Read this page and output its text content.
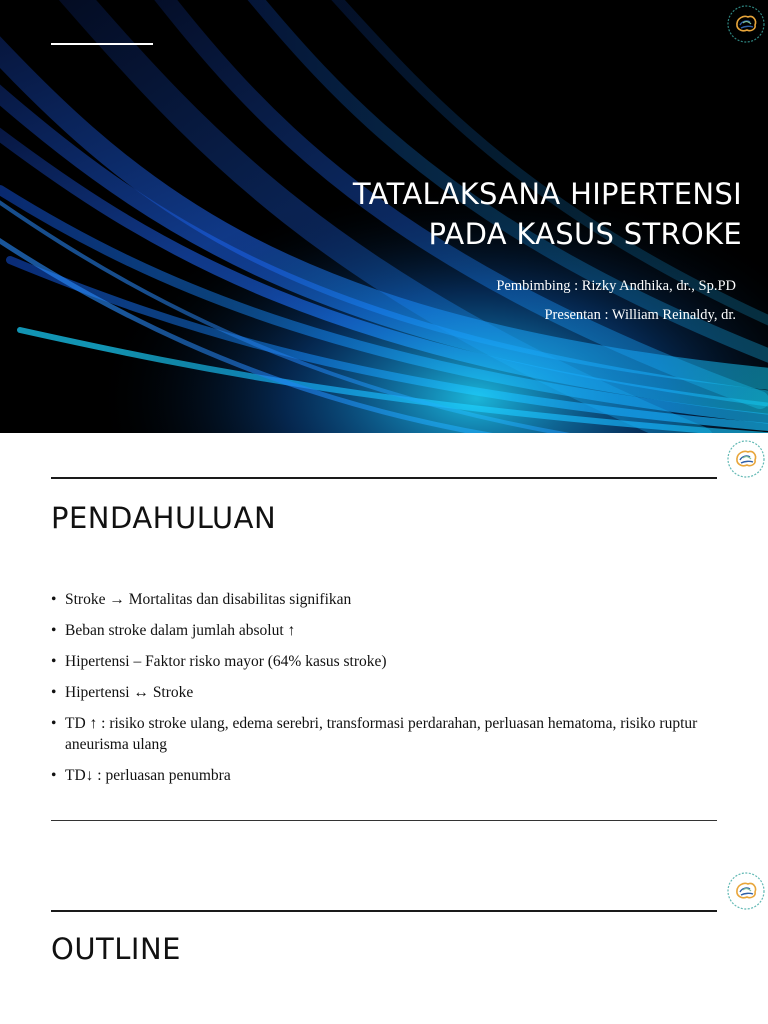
TATALAKSANA HIPERTENSI
PADA KASUS STROKE
Pembimbing : Rizky Andhika, dr., Sp.PD
Presentan : William Reinaldy, dr.
PENDAHULUAN
• Stroke → Mortalitas dan disabilitas signifikan
• Beban stroke dalam jumlah absolut ↑
• Hipertensi – Faktor risko mayor (64% kasus stroke)
• Hipertensi ↔ Stroke
• TD ↑ : risiko stroke ulang, edema serebri, transformasi perdarahan, perluasan hematoma, risiko ruptur aneurisma ulang
• TD↓ : perluasan penumbra
OUTLINE
